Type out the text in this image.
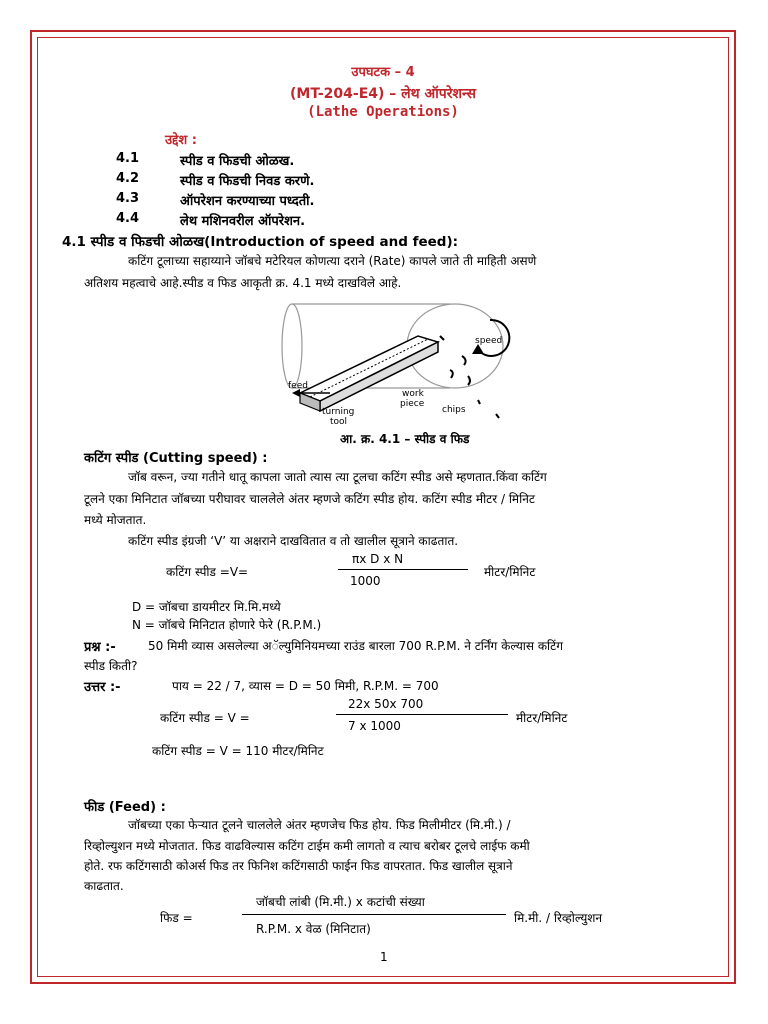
उपघटक – 4
(MT-204-E4) – लेथ ऑपरेशन्स
(Lathe Operations)
उद्देश :
4.1	स्पीड व फिडची ओळख.
4.2	स्पीड व फिडची निवड करणे.
4.3	ऑपरेशन करण्याच्या पध्दती.
4.4	लेथ मशिनवरील ऑपरेशन.
4.1 स्पीड व फिडची ओळख(Introduction of speed and feed):
कटिंग टूलाच्या सहाय्याने जॉबचे मटेरियल कोणत्या दराने (Rate) कापले जाते ती माहिती असणे
अतिशय महत्वाचे आहे.स्पीड व फिड आकृती क्र. 4.1 मध्ये दाखविले आहे.
speed
feed
turning
tool
work
piece
chips
आ. क्र. 4.1 – स्पीड व फिड
कटिंग स्पीड (Cutting speed) :
जॉब वरून, ज्या गतीने धातू कापला जातो त्यास त्या टूलचा कटिंग स्पीड असे म्हणतात.किंवा कटिंग
टूलने एका मिनिटात जॉबच्या परीघावर चाललेले अंतर म्हणजे कटिंग स्पीड होय. कटिंग स्पीड मीटर / मिनिट
मध्ये मोजतात.
कटिंग स्पीड इंग्रजी ‘V’ या अक्षराने दाखवितात व तो खालील सूत्राने काढतात.
कटिंग स्पीड =V=
πx D x N
1000
मीटर/मिनिट
D = जॉबचा डायमीटर मि.मि.मध्ये
N = जॉबचे मिनिटात होणारे फेरे (R.P.M.)
प्रश्न :-	50 मिमी व्यास असलेल्या अॅल्युमिनियमच्या राउंड बारला 700 R.P.M. ने टर्निंग केल्यास कटिंग
स्पीड किती?
उत्तर :-	पाय = 22 / 7, व्यास = D = 50 मिमी, R.P.M. = 700
कटिंग स्पीड = V =
22x 50x 700
7 x 1000
मीटर/मिनिट
कटिंग स्पीड = V = 110 मीटर/मिनिट
फीड (Feed) :
जॉबच्या एका फेऱ्यात टूलने चाललेले अंतर म्हणजेच फिड होय. फिड मिलीमीटर (मि.मी.) /
रिव्होल्युशन मध्ये मोजतात. फिड वाढविल्यास कटिंग टाईम कमी लागतो व त्याच बरोबर टूलचे लाईफ कमी
होते. रफ कटिंगसाठी कोअर्स फिड तर फिनिश कटिंगसाठी फाईन फिड वापरतात. फिड खालील सूत्राने
काढतात.
फिड =
जॉबची लांबी (मि.मी.) x कटांची संख्या
R.P.M. x वेळ (मिनिटात)
मि.मी. / रिव्होल्युशन
1
